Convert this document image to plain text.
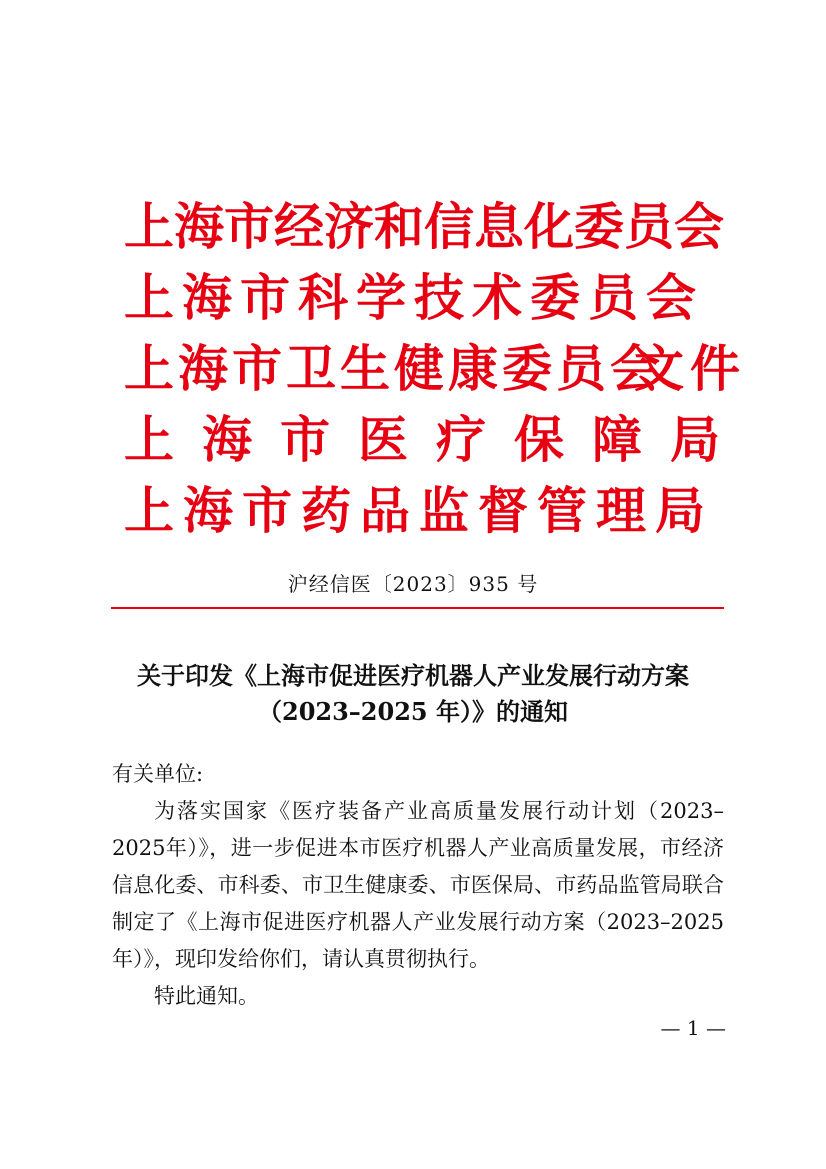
上海市经济和信息化委员会
上海市科学技术委员会
上海市卫生健康委员会
文件
上海市医疗保障局
上海市药品监督管理局
沪经信医〔2023〕935 号
关于印发《上海市促进医疗机器人产业发展行动方案
（2023–2025 年）》的通知

有关单位:

为落实国家《医疗装备产业高质量发展行动计划（2023–2025年）》，进一步促进本市医疗机器人产业高质量发展，市经济信息化委、市科委、市卫生健康委、市医保局、市药品监管局联合制定了《上海市促进医疗机器人产业发展行动方案（2023–2025年）》，现印发给你们，请认真贯彻执行。

特此通知。

— 1 —
